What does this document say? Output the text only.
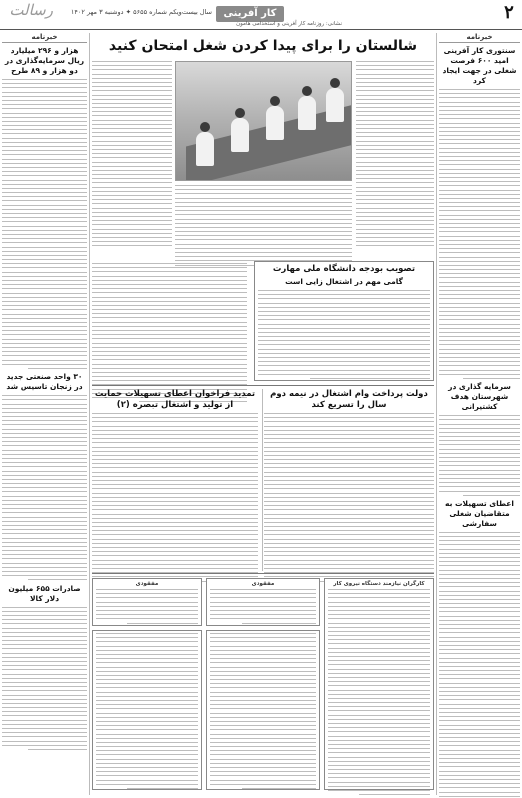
۲
سال بیست‌ویکم شماره ۵۶۵۵ ✦ دوشنبه ۳ مهر ۱۴۰۲	کار آفرینی
نشانی: روزنامه کار آفرینی و استخدامی هامون
رسالت
خبرنامه
سنتوری کار آفرینی امید ۶۰۰ فرصت شغلی در جهت ایجاد کرد
سرمایه گذاری در شهرستان هدف کشتیرانی
اعطای تسهیلات به متقاضیان شغلی سفارشی
خبرنامه
هزار و ۲۹۶ میلیارد ریال سرمایه‌گذاری در دو هزار و ۸۹ طرح
۳۰ واحد صنعتی جدید در زنجان تاسیس شد
صادرات ۶۵۵ میلیون دلار کالا
شالستان را برای پیدا کردن شغل امتحان کنید
تصویب بودجه دانشگاه ملی مهارت
گامی مهم در اشتغال زایی است
دولت پرداخت وام اشتغال در نیمه دوم سال را تسریع کند
تمدید فراخوان اعطای تسهیلات حمایت از تولید و اشتغال تبصره (۲)
کارگران نیازمند دستگاه نیروی کار
مفقودی
مفقودی
